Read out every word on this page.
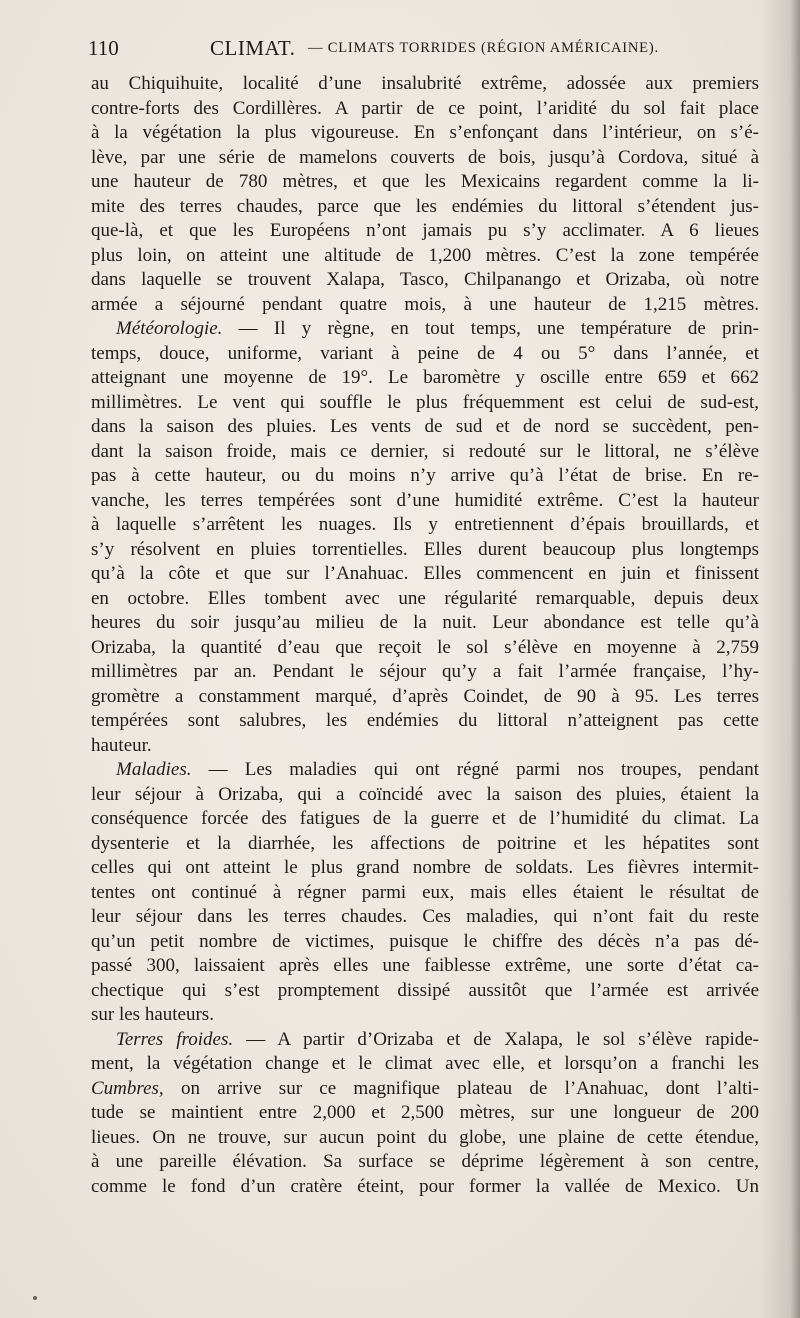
110	CLIMAT. — CLIMATS TORRIDES (RÉGION AMÉRICAINE).
au Chiquihuite, localité d’une insalubrité extrême, adossée aux premiers
contre-forts des Cordillères. A partir de ce point, l’aridité du sol fait place
à la végétation la plus vigoureuse. En s’enfonçant dans l’intérieur, on s’é-
lève, par une série de mamelons couverts de bois, jusqu’à Cordova, situé à
une hauteur de 780 mètres, et que les Mexicains regardent comme la li-
mite des terres chaudes, parce que les endémies du littoral s’étendent jus-
que-là, et que les Européens n’ont jamais pu s’y acclimater. A 6 lieues
plus loin, on atteint une altitude de 1,200 mètres. C’est la zone tempérée
dans laquelle se trouvent Xalapa, Tasco, Chilpanango et Orizaba, où notre
armée a séjourné pendant quatre mois, à une hauteur de 1,215 mètres.
Météorologie. — Il y règne, en tout temps, une température de prin-
temps, douce, uniforme, variant à peine de 4 ou 5° dans l’année, et
atteignant une moyenne de 19°. Le baromètre y oscille entre 659 et 662
millimètres. Le vent qui souffle le plus fréquemment est celui de sud-est,
dans la saison des pluies. Les vents de sud et de nord se succèdent, pen-
dant la saison froide, mais ce dernier, si redouté sur le littoral, ne s’élève
pas à cette hauteur, ou du moins n’y arrive qu’à l’état de brise. En re-
vanche, les terres tempérées sont d’une humidité extrême. C’est la hauteur
à laquelle s’arrêtent les nuages. Ils y entretiennent d’épais brouillards, et
s’y résolvent en pluies torrentielles. Elles durent beaucoup plus longtemps
qu’à la côte et que sur l’Anahuac. Elles commencent en juin et finissent
en octobre. Elles tombent avec une régularité remarquable, depuis deux
heures du soir jusqu’au milieu de la nuit. Leur abondance est telle qu’à
Orizaba, la quantité d’eau que reçoit le sol s’élève en moyenne à 2,759
millimètres par an. Pendant le séjour qu’y a fait l’armée française, l’hy-
gromètre a constamment marqué, d’après Coindet, de 90 à 95. Les terres
tempérées sont salubres, les endémies du littoral n’atteignent pas cette
hauteur.
Maladies. — Les maladies qui ont régné parmi nos troupes, pendant
leur séjour à Orizaba, qui a coïncidé avec la saison des pluies, étaient la
conséquence forcée des fatigues de la guerre et de l’humidité du climat. La
dysenterie et la diarrhée, les affections de poitrine et les hépatites sont
celles qui ont atteint le plus grand nombre de soldats. Les fièvres intermit-
tentes ont continué à régner parmi eux, mais elles étaient le résultat de
leur séjour dans les terres chaudes. Ces maladies, qui n’ont fait du reste
qu’un petit nombre de victimes, puisque le chiffre des décès n’a pas dé-
passé 300, laissaient après elles une faiblesse extrême, une sorte d’état ca-
chectique qui s’est promptement dissipé aussitôt que l’armée est arrivée
sur les hauteurs.
Terres froides. — A partir d’Orizaba et de Xalapa, le sol s’élève rapide-
ment, la végétation change et le climat avec elle, et lorsqu’on a franchi les
Cumbres, on arrive sur ce magnifique plateau de l’Anahuac, dont l’alti-
tude se maintient entre 2,000 et 2,500 mètres, sur une longueur de 200
lieues. On ne trouve, sur aucun point du globe, une plaine de cette étendue,
à une pareille élévation. Sa surface se déprime légèrement à son centre,
comme le fond d’un cratère éteint, pour former la vallée de Mexico. Un
